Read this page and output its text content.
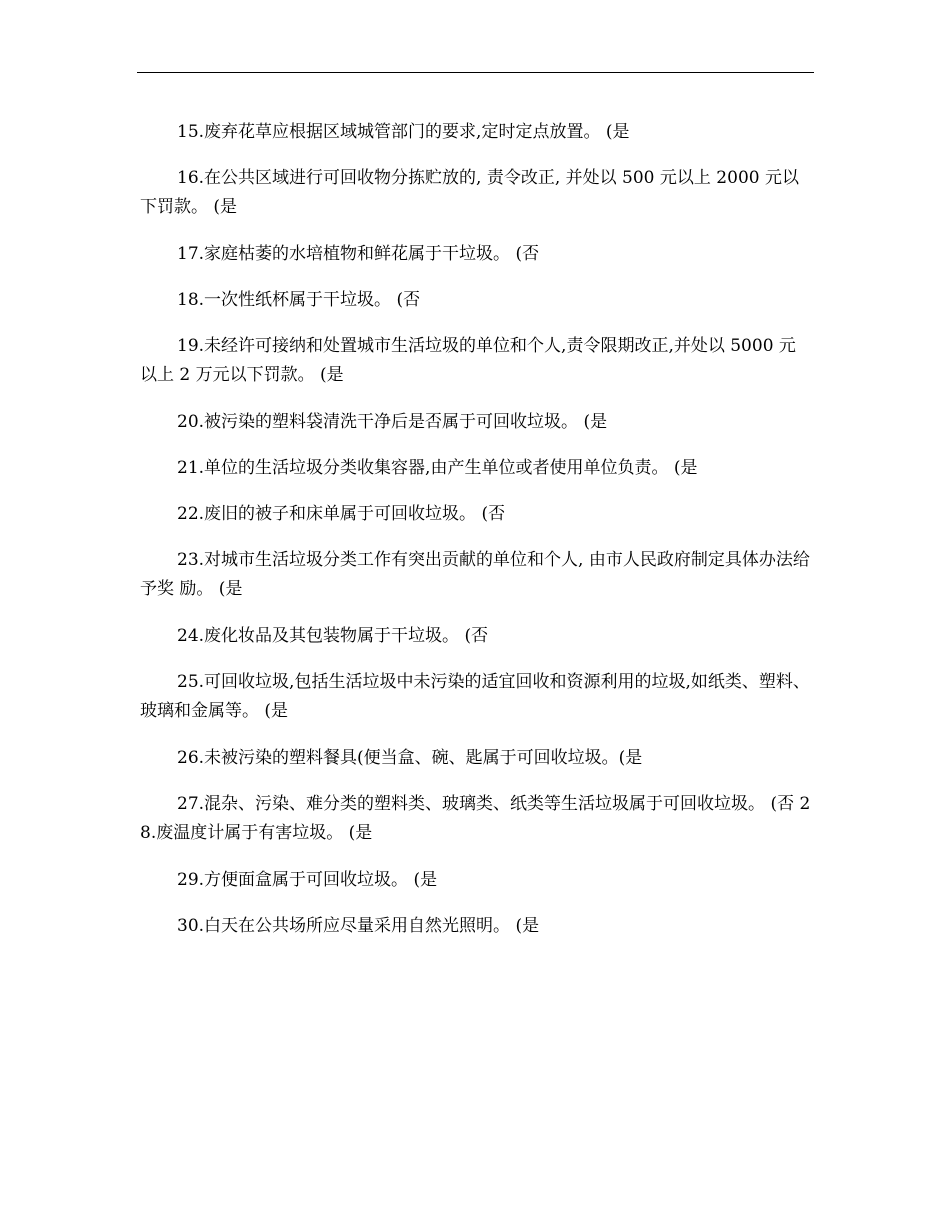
15.废弃花草应根据区域城管部门的要求,定时定点放置。 (是

16.在公共区域进行可回收物分拣贮放的, 责令改正, 并处以 500 元以上 2000 元以下罚款。 (是

17.家庭枯萎的水培植物和鲜花属于干垃圾。 (否

18.一次性纸杯属于干垃圾。 (否

19.未经许可接纳和处置城市生活垃圾的单位和个人,责令限期改正,并处以 5000 元以上 2 万元以下罚款。 (是

20.被污染的塑料袋清洗干净后是否属于可回收垃圾。 (是

21.单位的生活垃圾分类收集容器,由产生单位或者使用单位负责。 (是

22.废旧的被子和床单属于可回收垃圾。 (否

23.对城市生活垃圾分类工作有突出贡献的单位和个人, 由市人民政府制定具体办法给予奖 励。 (是

24.废化妆品及其包装物属于干垃圾。 (否

25.可回收垃圾,包括生活垃圾中未污染的适宜回收和资源利用的垃圾,如纸类、塑料、 玻璃和金属等。 (是

26.未被污染的塑料餐具(便当盒、碗、匙属于可回收垃圾。(是

27.混杂、污染、难分类的塑料类、玻璃类、纸类等生活垃圾属于可回收垃圾。 (否 28.废温度计属于有害垃圾。 (是

29.方便面盒属于可回收垃圾。 (是

30.白天在公共场所应尽量采用自然光照明。 (是
